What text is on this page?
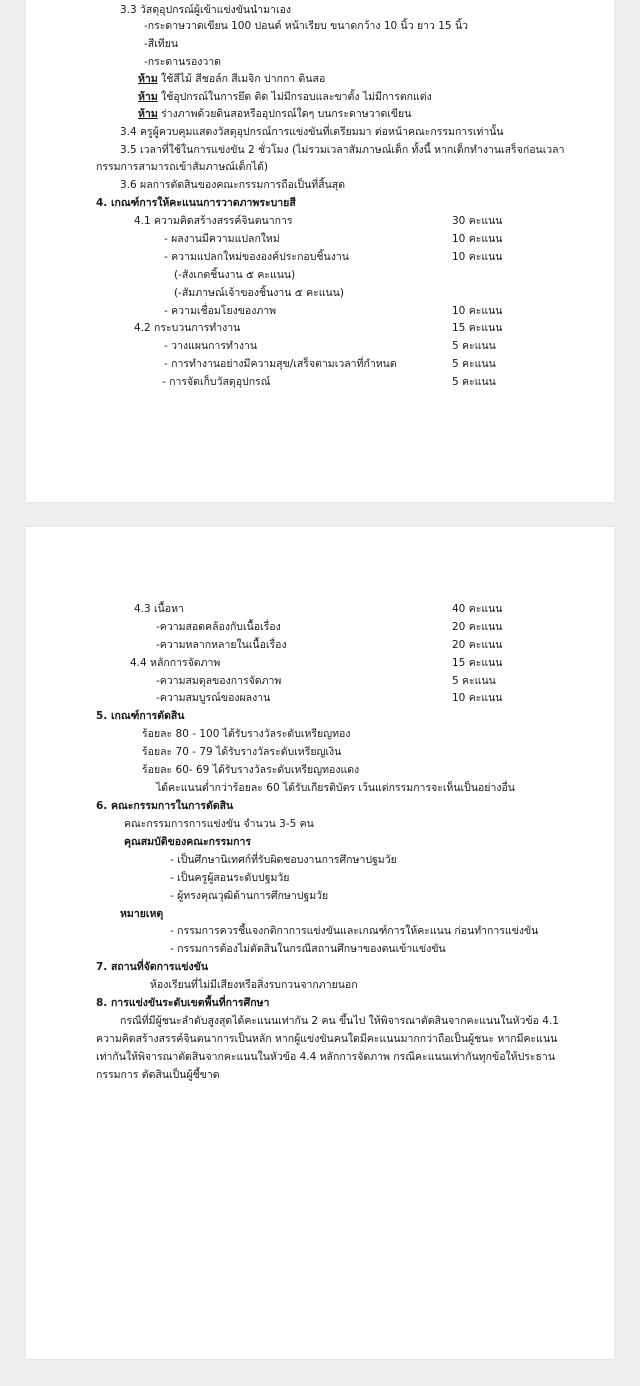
3.3 วัสดุอุปกรณ์ผู้เข้าแข่งขันนำมาเอง
-กระดาษวาดเขียน 100 ปอนด์ หน้าเรียบ ขนาดกว้าง 10 นิ้ว ยาว 15 นิ้ว
-สีเทียน
-กระดานรองวาด
ห้าม ใช้สีไม้ สีชอล์ก สีเมจิก ปากกา ดินสอ
ห้าม ใช้อุปกรณ์ในการยึด ติด ไม่มีกรอบและขาตั้ง ไม่มีการตกแต่ง
ห้าม ร่างภาพด้วยดินสอหรืออุปกรณ์ใดๆ บนกระดาษวาดเขียน
3.4 ครูผู้ควบคุมแสดงวัสดุอุปกรณ์การแข่งขันที่เตรียมมา ต่อหน้าคณะกรรมการเท่านั้น
3.5 เวลาที่ใช้ในการแข่งขัน 2 ชั่วโมง (ไม่รวมเวลาสัมภาษณ์เด็ก ทั้งนี้ หากเด็กทำงานเสร็จก่อนเวลา
กรรมการสามารถเข้าสัมภาษณ์เด็กได้)
3.6 ผลการตัดสินของคณะกรรมการถือเป็นที่สิ้นสุด
4. เกณฑ์การให้คะแนนการวาดภาพระบายสี
4.1 ความคิดสร้างสรรค์จินตนาการ	30 คะแนน
- ผลงานมีความแปลกใหม่	10 คะแนน
- ความแปลกใหม่ขององค์ประกอบชิ้นงาน	10 คะแนน
(-สังเกตชิ้นงาน ๕ คะแนน)
(-สัมภาษณ์เจ้าของชิ้นงาน ๕ คะแนน)
- ความเชื่อมโยงของภาพ	10 คะแนน
4.2 กระบวนการทำงาน	15 คะแนน
- วางแผนการทำงาน	5 คะแนน
- การทำงานอย่างมีความสุข/เสร็จตามเวลาที่กำหนด	5 คะแนน
- การจัดเก็บวัสดุอุปกรณ์	5 คะแนน
4.3 เนื้อหา	40 คะแนน
-ความสอดคล้องกับเนื้อเรื่อง	20 คะแนน
-ความหลากหลายในเนื้อเรื่อง	20 คะแนน
4.4 หลักการจัดภาพ	15 คะแนน
-ความสมดุลของการจัดภาพ	5 คะแนน
-ความสมบูรณ์ของผลงาน	10 คะแนน
5. เกณฑ์การตัดสิน
ร้อยละ 80 - 100 ได้รับรางวัลระดับเหรียญทอง
ร้อยละ 70 - 79 ได้รับรางวัลระดับเหรียญเงิน
ร้อยละ 60- 69 ได้รับรางวัลระดับเหรียญทองแดง
ได้คะแนนต่ำกว่าร้อยละ 60 ได้รับเกียรติบัตร เว้นแต่กรรมการจะเห็นเป็นอย่างอื่น
6. คณะกรรมการในการตัดสิน
คณะกรรมการการแข่งขัน จำนวน 3-5 คน
คุณสมบัติของคณะกรรมการ
- เป็นศึกษานิเทศก์ที่รับผิดชอบงานการศึกษาปฐมวัย
- เป็นครูผู้สอนระดับปฐมวัย
- ผู้ทรงคุณวุฒิด้านการศึกษาปฐมวัย
หมายเหตุ
- กรรมการควรชี้แจงกติกาการแข่งขันและเกณฑ์การให้คะแนน ก่อนทำการแข่งขัน
- กรรมการต้องไม่ตัดสินในกรณีสถานศึกษาของตนเข้าแข่งขัน
7. สถานที่จัดการแข่งขัน
ห้องเรียนที่ไม่มีเสียงหรือสิ่งรบกวนจากภายนอก
8. การแข่งขันระดับเขตพื้นที่การศึกษา
กรณีที่มีผู้ชนะลำดับสูงสุดได้คะแนนเท่ากัน 2 คน ขึ้นไป ให้พิจารณาตัดสินจากคะแนนในหัวข้อ 4.1
ความคิดสร้างสรรค์จินตนาการเป็นหลัก หากผู้แข่งขันคนใดมีคะแนนมากกว่าถือเป็นผู้ชนะ หากมีคะแนน
เท่ากันให้พิจารณาตัดสินจากคะแนนในหัวข้อ 4.4 หลักการจัดภาพ กรณีคะแนนเท่ากันทุกข้อให้ประธาน
กรรมการ ตัดสินเป็นผู้ชี้ขาด
